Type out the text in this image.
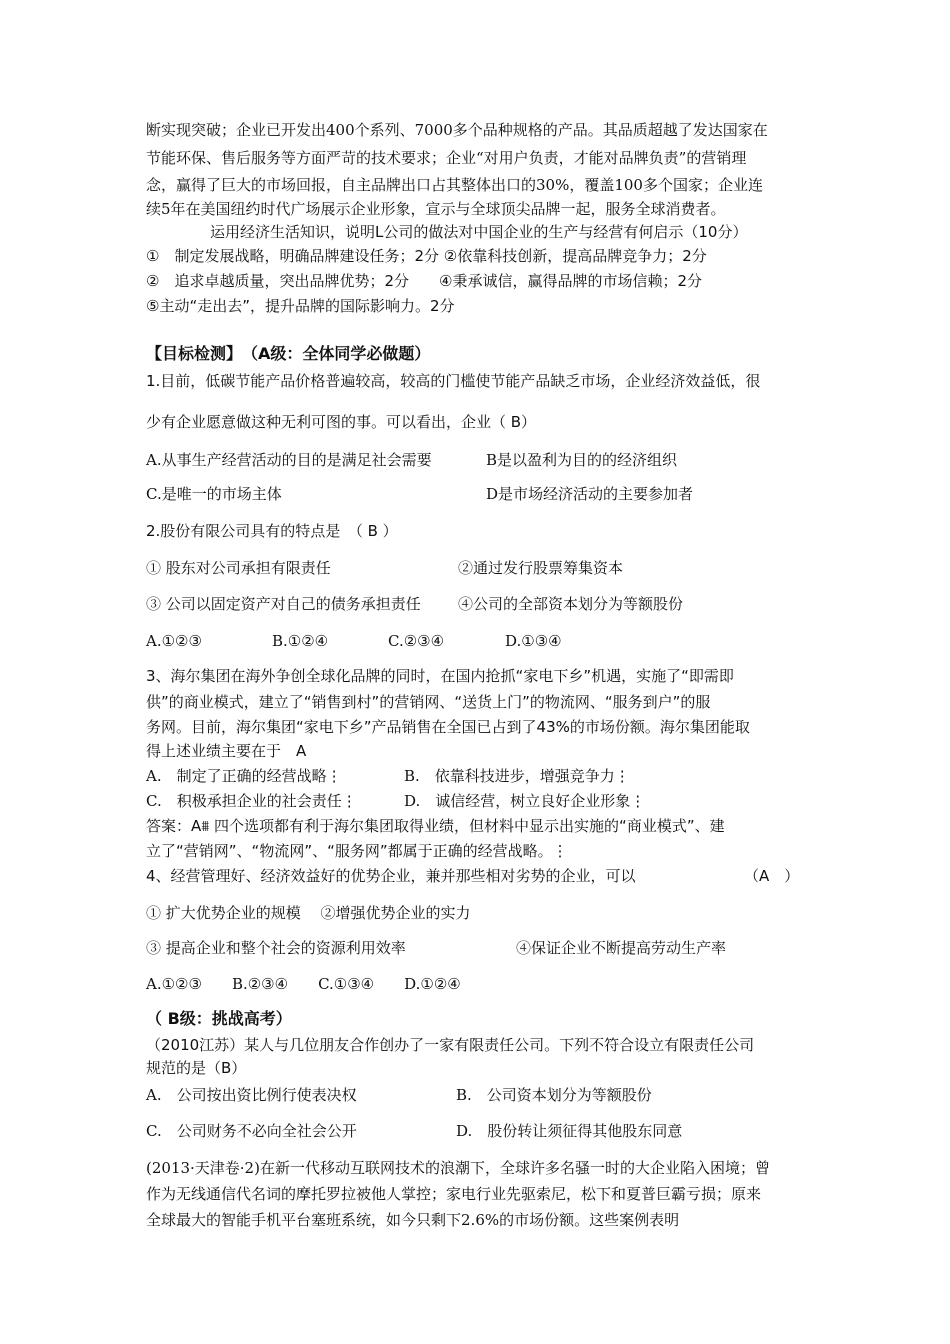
断实现突破；企业已开发出400个系列、7000多个品种规格的产品。其品质超越了发达国家在
节能环保、售后服务等方面严苛的技术要求；企业“对用户负责，才能对品牌负责”的营销理
念，赢得了巨大的市场回报，自主品牌出口占其整体出口的30%，覆盖100多个国家；企业连
续5年在美国纽约时代广场展示企业形象，宣示与全球顶尖品牌一起，服务全球消费者。
运用经济生活知识，说明L公司的做法对中国企业的生产与经营有何启示（10分）
①　制定发展战略，明确品牌建设任务；2分 ②依靠科技创新，提高品牌竞争力；2分
②　追求卓越质量，突出品牌优势；2分　　④秉承诚信，赢得品牌的市场信赖；2分
⑤主动“走出去”，提升品牌的国际影响力。2分
【目标检测】　（A级：全体同学必做题）
1.目前，低碳节能产品价格普遍较高，较高的门槛使节能产品缺乏市场，企业经济效益低，很
少有企业愿意做这种无利可图的事。可以看出，企业（ B）
A.从事生产经营活动的目的是满足社会需要	B是以盈利为目的的经济组织
C.是唯一的市场主体	D是市场经济活动的主要参加者
2.股份有限公司具有的特点是　（ B ）
① 股东对公司承担有限责任	②通过发行股票筹集资本
③ 公司以固定资产对自己的债务承担责任 ④公司的全部资本划分为等额股份
A.①②③	B.①②④	C.②③④	D.①③④
3、海尔集团在海外争创全球化品牌的同时，在国内抢抓“家电下乡”机遇，实施了“即需即
供”的商业模式，建立了“销售到村”的营销网、“送货上门”的物流网、“服务到户”的服
务网。目前，海尔集团“家电下乡”产品销售在全国已占到了43%的市场份额。海尔集团能取
得上述业绩主要在于　A
A.　制定了正确的经营战略⋮	B.　依靠科技进步，增强竞争力⋮
C.　积极承担企业的社会责任⋮	D.　诚信经营，树立良好企业形象⋮
答案：A⩩ 四个选项都有利于海尔集团取得业绩，但材料中显示出实施的“商业模式”、建
立了“营销网”、“物流网”、“服务网”都属于正确的经营战略。⋮
4、经营管理好、经济效益好的优势企业，兼并那些相对劣势的企业，可以	（A　）
① 扩大优势企业的规模　 ②增强优势企业的实力
③ 提高企业和整个社会的资源利用效率	④保证企业不断提高劳动生产率
A.①②③　　B.②③④　　C.①③④　　D.①②④
（ B级：挑战高考）
（2010江苏）某人与几位朋友合作创办了一家有限责任公司。下列不符合设立有限责任公司
规范的是（B）
A.　公司按出资比例行使表决权	B.　公司资本划分为等额股份
C.　公司财务不必向全社会公开	D.　股份转让须征得其他股东同意
(2013·天津卷·2)在新一代移动互联网技术的浪潮下，全球许多名骚一时的大企业陷入困境；曾
作为无线通信代名词的摩托罗拉被他人掌控；家电行业先驱索尼，松下和夏普巨霸亏损；原来
全球最大的智能手机平台塞班系统，如今只剩下2.6%的市场份额。这些案例表明
